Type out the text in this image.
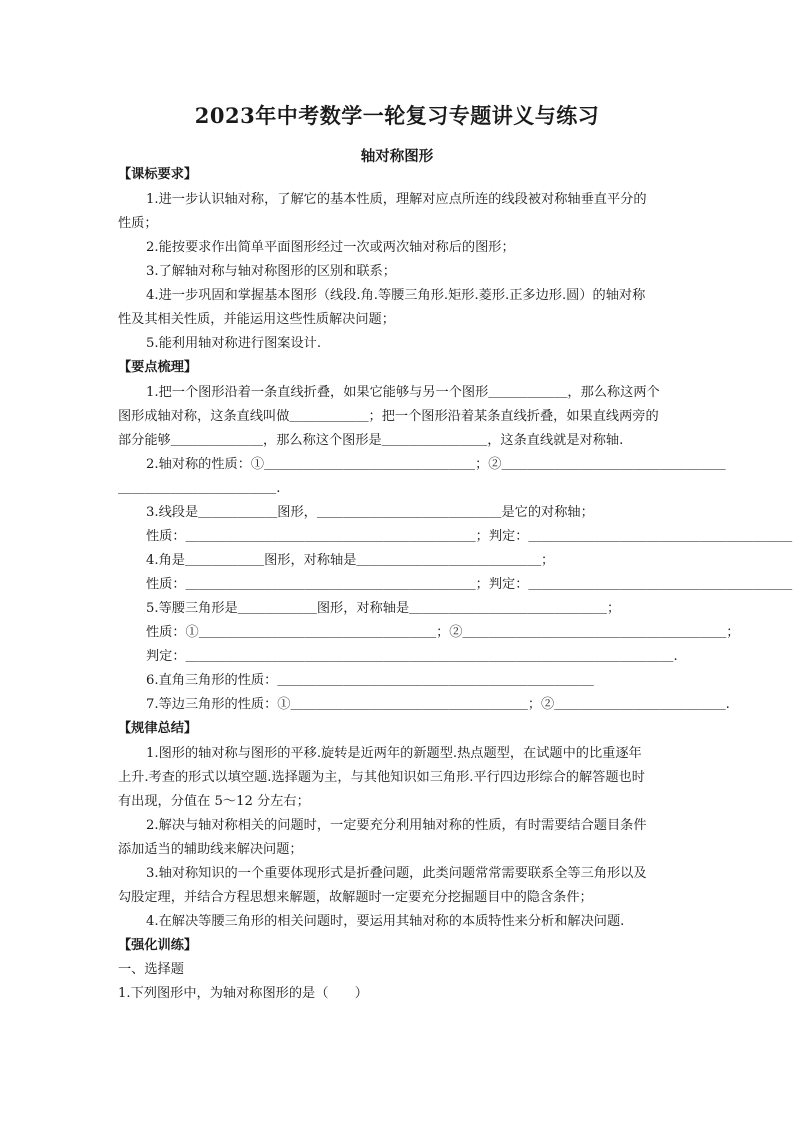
2023年中考数学一轮复习专题讲义与练习
轴对称图形
【课标要求】
1.进一步认识轴对称，了解它的基本性质，理解对应点所连的线段被对称轴垂直平分的
性质；
2.能按要求作出简单平面图形经过一次或两次轴对称后的图形；
3.了解轴对称与轴对称图形的区别和联系；
4.进一步巩固和掌握基本图形（线段.角.等腰三角形.矩形.菱形.正多边形.圆）的轴对称
性及其相关性质，并能运用这些性质解决问题；
5.能利用轴对称进行图案设计.
【要点梳理】
1.把一个图形沿着一条直线折叠，如果它能够与另一个图形＿＿＿＿＿＿，那么称这两个
图形成轴对称，这条直线叫做＿＿＿＿＿＿；把一个图形沿着某条直线折叠，如果直线两旁的
部分能够＿＿＿＿＿＿＿，那么称这个图形是＿＿＿＿＿＿＿＿，这条直线就是对称轴.
2.轴对称的性质：①＿＿＿＿＿＿＿＿＿＿＿＿＿＿＿＿；②＿＿＿＿＿＿＿＿＿＿＿＿＿＿＿＿＿
＿＿＿＿＿＿＿＿＿＿＿＿.
3.线段是＿＿＿＿＿＿图形，＿＿＿＿＿＿＿＿＿＿＿＿＿＿是它的对称轴；
性质：＿＿＿＿＿＿＿＿＿＿＿＿＿＿＿＿＿＿＿＿＿＿；判定：＿＿＿＿＿＿＿＿＿＿＿＿＿＿＿＿＿＿＿＿
4.角是＿＿＿＿＿＿图形，对称轴是＿＿＿＿＿＿＿＿＿＿＿＿＿＿；
性质：＿＿＿＿＿＿＿＿＿＿＿＿＿＿＿＿＿＿＿＿＿＿；判定：＿＿＿＿＿＿＿＿＿＿＿＿＿＿＿＿＿＿＿＿
5.等腰三角形是＿＿＿＿＿＿图形，对称轴是＿＿＿＿＿＿＿＿＿＿＿＿＿＿＿；
性质：①＿＿＿＿＿＿＿＿＿＿＿＿＿＿＿＿＿＿；②＿＿＿＿＿＿＿＿＿＿＿＿＿＿＿＿＿＿＿＿；
判定：＿＿＿＿＿＿＿＿＿＿＿＿＿＿＿＿＿＿＿＿＿＿＿＿＿＿＿＿＿＿＿＿＿＿＿＿＿.
6.直角三角形的性质：＿＿＿＿＿＿＿＿＿＿＿＿＿＿＿＿＿＿＿＿＿＿＿＿
7.等边三角形的性质：①＿＿＿＿＿＿＿＿＿＿＿＿＿＿＿＿＿＿；②＿＿＿＿＿＿＿＿＿＿＿＿＿.
【规律总结】
1.图形的轴对称与图形的平移.旋转是近两年的新题型.热点题型，在试题中的比重逐年
上升.考查的形式以填空题.选择题为主，与其他知识如三角形.平行四边形综合的解答题也时
有出现，分值在 5～12 分左右；
2.解决与轴对称相关的问题时，一定要充分利用轴对称的性质，有时需要结合题目条件
添加适当的辅助线来解决问题；
3.轴对称知识的一个重要体现形式是折叠问题，此类问题常常需要联系全等三角形以及
勾股定理，并结合方程思想来解题，故解题时一定要充分挖掘题目中的隐含条件；
4.在解决等腰三角形的相关问题时，要运用其轴对称的本质特性来分析和解决问题.
【强化训练】
一、选择题
1.下列图形中，为轴对称图形的是（　　）
